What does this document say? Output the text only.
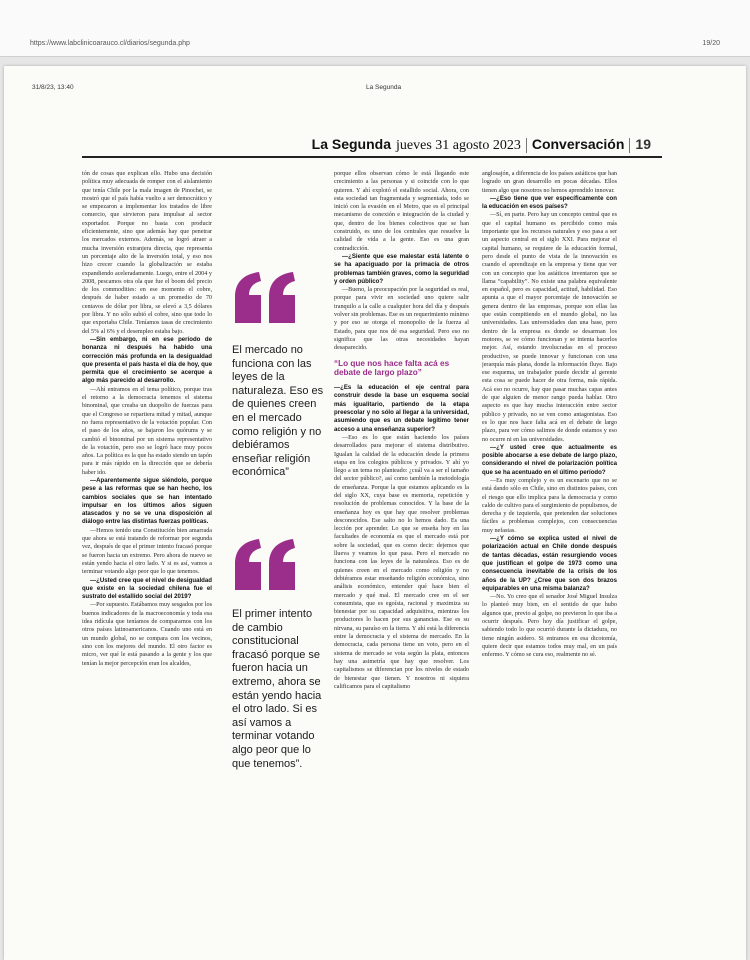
https://www.labclinicoarauco.cl/diarios/segunda.php	19/20
31/8/23, 13:40	La Segunda
La Segunda jueves 31 agosto 2023 Conversación 19

tón de cosas que explican ello. Hubo una decisión política muy adecuada de romper con el aislamiento que tenía Chile por la mala imagen de Pinochet, se mostró que el país había vuelto a ser democrático y se empezaron a implementar los tratados de libre comercio, que sirvieron para impulsar al sector exportador. Porque no basta con producir eficientemente, sino que además hay que penetrar los mercados externos. Además, se logró atraer a mucha inversión extranjera directa, que representa un porcentaje alto de la inversión total, y eso nos hizo crecer cuando la globalización se estaba expandiendo aceleradamente. Luego, entre el 2004 y 2008, pescamos otra ola que fue el boom del precio de los commodities: en ese momento el cobre, después de haber estado a un promedio de 70 centavos de dólar por libra, se elevó a 3,5 dólares por libra. Y no sólo subió el cobre, sino que todo lo que exportaba Chile. Teníamos tasas de crecimiento del 5% al 6% y el desempleo estaba bajo.

—Sin embargo, ni en ese período de bonanza ni después ha habido una corrección más profunda en la desigualdad que presenta el país hasta el día de hoy, que permita que el crecimiento se acerque a algo más parecido al desarrollo.

—Ahí entramos en el tema político, porque tras el retorno a la democracia tenemos el sistema binominal, que creaba un duopolio de fuerzas para que el Congreso se repartiera mitad y mitad, aunque no fuera representativo de la votación popular. Con el paso de los años, se bajaron los quórums y se cambió el binominal por un sistema representativo de la votación, pero eso se logró hace muy pocos años. La política es la que ha estado siendo un tapón para ir más rápido en la dirección que se debería haber ido.

—Aparentemente sigue siéndolo, porque pese a las reformas que se han hecho, los cambios sociales que se han intentado impulsar en los últimos años siguen atascados y no se ve una disposición al diálogo entre las distintas fuerzas políticas.

—Hemos tenido una Constitución bien amarrada que ahora se está tratando de reformar por segunda vez, después de que el primer intento fracasó porque se fueron hacia un extremo. Pero ahora de nuevo se están yendo hacia el otro lado. Y si es así, vamos a terminar votando algo peor que lo que tenemos.

—¿Usted cree que el nivel de desigualdad que existe en la sociedad chilena fue el sustrato del estallido social del 2019?

—Por supuesto. Estábamos muy sesgados por los buenos indicadores de la macroeconomía y toda esa idea ridícula que teníamos de compararnos con los otros países latinoamericanos. Cuando uno está en un mundo global, no se compara con los vecinos, sino con los mejores del mundo. El otro factor es micro, ver qué le está pasando a la gente y los que tenían la mejor percepción eran los alcaldes,

El mercado no funciona con las leyes de la naturaleza. Eso es de quienes creen en el mercado como religión y no debiéramos enseñar religión económica”
El primer intento de cambio constitucional fracasó porque se fueron hacia un extremo, ahora se están yendo hacia el otro lado. Si es así vamos a terminar votando algo peor que lo que tenemos”.

porque ellos observan cómo le está llegando este crecimiento a las personas y si coincide con lo que quieren. Y ahí explotó el estallido social. Ahora, con esta sociedad tan fragmentada y segmentada, todo se inició con la evasión en el Metro, que es el principal mecanismo de conexión e integración de la ciudad y que, dentro de los bienes colectivos que se han construido, es uno de los centrales que resuelve la calidad de vida a la gente. Eso es una gran contradicción.

—¿Siente que ese malestar está latente o se ha apaciguado por la primacía de otros problemas también graves, como la seguridad y orden público?

—Bueno, la preocupación por la seguridad es real, porque para vivir en sociedad uno quiere salir tranquilo a la calle a cualquier hora del día y después volver sin problemas. Ese es un requerimiento mínimo y por eso se otorga el monopolio de la fuerza al Estado, para que nos dé esa seguridad. Pero eso no significa que las otras necesidades hayan desaparecido.

“Lo que nos hace falta acá es debate de largo plazo”

—¿Es la educación el eje central para construir desde la base un esquema social más igualitario, partiendo de la etapa preescolar y no sólo al llegar a la universidad, asumiendo que es un debate legítimo tener acceso a una enseñanza superior?

—Eso es lo que están haciendo los países desarrollados para mejorar el sistema distributivo. Igualan la calidad de la educación desde la primera etapa en los colegios públicos y privados. Y ahí yo llego a un tema no planteado: ¿cuál va a ser el tamaño del sector público?, así como también la metodología de enseñanza. Porque la que estamos aplicando es la del siglo XX, cuya base es memoria, repetición y resolución de problemas conocidos. Y la base de la enseñanza hoy es que hay que resolver problemas desconocidos. Ese salto no lo hemos dado. Es una lección por aprender. Lo que se enseña hoy en las facultades de economía es que el mercado está por sobre la sociedad, que es como decir: dejemos que llueva y veamos lo que pasa. Pero el mercado no funciona con las leyes de la naturaleza. Eso es de quienes creen en el mercado como religión y no debiéramos estar enseñando religión económica, sino análisis económico, entender qué hace bien el mercado y qué mal. El mercado cree en el ser consumista, que es egoísta, racional y maximiza su bienestar por su capacidad adquisitiva, mientras los productores lo hacen por sus ganancias. Ese es su nirvana, su paraíso en la tierra. Y ahí está la diferencia entre la democracia y el sistema de mercado. En la democracia, cada persona tiene un voto, pero en el sistema de mercado se vota según la plata, entonces hay una asimetría que hay que resolver. Los capitalismos se diferencian por los niveles de estado de bienestar que tienen. Y nosotros ni siquiera calificamos para el capitalismo

anglosajón, a diferencia de los países asiáticos que han logrado un gran desarrollo en pocas décadas. Ellos tienen algo que nosotros no hemos aprendido innovar.

—¿Eso tiene que ver específicamente con la educación en esos países?

—Sí, en parte. Pero hay un concepto central que es que el capital humano es percibido como más importante que los recursos naturales y eso pasa a ser un aspecto central en el siglo XXI. Para mejorar el capital humano, se requiere de la educación formal, pero desde el punto de vista de la innovación es cuando el aprendizaje en la empresa y tiene que ver con un concepto que los asiáticos inventaron que se llama “capability”. No existe una palabra equivalente en español, pero es capacidad, actitud, habilidad. Eso apunta a que el mayor porcentaje de innovación se genera dentro de las empresas, porque son ellas las que están compitiendo en el mundo global, no las universidades. Las universidades dan una base, pero dentro de la empresa es donde se desarman los motores, se ve cómo funcionan y se intenta hacerlos mejor. Así, estando involucradas en el proceso productivo, se puede innovar y funcionan con una jerarquía más plana, donde la información fluye. Bajo ese esquema, un trabajador puede decidir al gerente esta cosa se puede hacer de otra forma, más rápida. Acá eso no ocurre, hay que pasar muchas capas antes de que alguien de menor rango pueda hablar. Otro aspecto es que hay mucha interacción entre sector público y privado, no se ven como antagonistas. Eso es lo que nos hace falta acá en el debate de largo plazo, para ver cómo salimos de donde estamos y eso no ocurre ni en las universidades.

—¿Y usted cree que actualmente es posible abocarse a ese debate de largo plazo, considerando el nivel de polarización política que se ha acentuado en el último período?

—Es muy complejo y es un escenario que no se está dando sólo en Chile, sino en distintos países, con el riesgo que ello implica para la democracia y como caldo de cultivo para el surgimiento de populismos, de derecha y de izquierda, que pretenden dar soluciones fáciles a problemas complejos, con consecuencias muy nefastas.

—¿Y cómo se explica usted el nivel de polarización actual en Chile donde después de tantas décadas, están resurgiendo voces que justifican el golpe de 1973 como una consecuencia inevitable de la crisis de los años de la UP? ¿Cree que son dos brazos equiparables en una misma balanza?

—No. Yo creo que el senador José Miguel Insulza lo planteó muy bien, en el sentido de que hubo algunos que, previo al golpe, no previeron lo que iba a ocurrir después. Pero hoy día justificar el golpe, sabiendo todo lo que ocurrió durante la dictadura, no tiene ningún asidero. Si entramos en esa dicotomía, quiere decir que estamos todos muy mal, en un país enfermo. Y cómo se cura eso, realmente no sé.
